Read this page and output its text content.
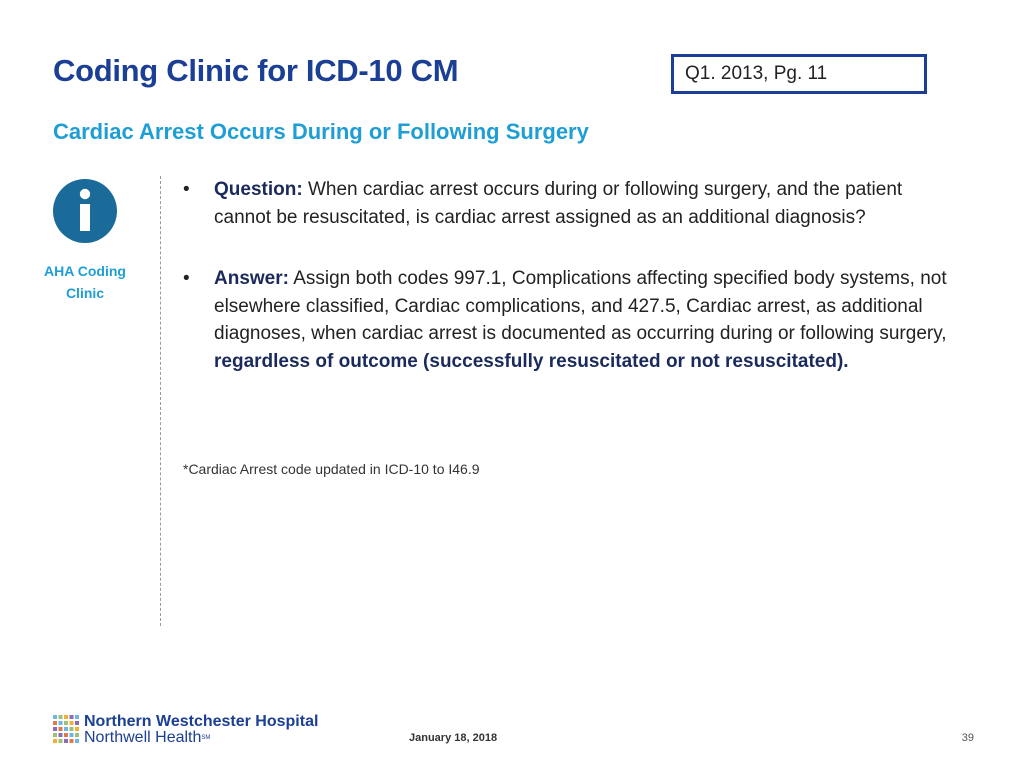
Coding Clinic for ICD-10 CM	Q1. 2013, Pg. 11
Cardiac Arrest Occurs During or Following Surgery
AHA Coding
Clinic
• Question: When cardiac arrest occurs during or following surgery, and the patient cannot be resuscitated, is cardiac arrest assigned as an additional diagnosis?
• Answer: Assign both codes 997.1, Complications affecting specified body systems, not elsewhere classified, Cardiac complications, and 427.5, Cardiac arrest, as additional diagnoses, when cardiac arrest is documented as occurring during or following surgery, regardless of outcome (successfully resuscitated or not resuscitated).
*Cardiac Arrest code updated in ICD-10 to I46.9
Northern Westchester Hospital
Northwell Health℠	January 18, 2018	39
